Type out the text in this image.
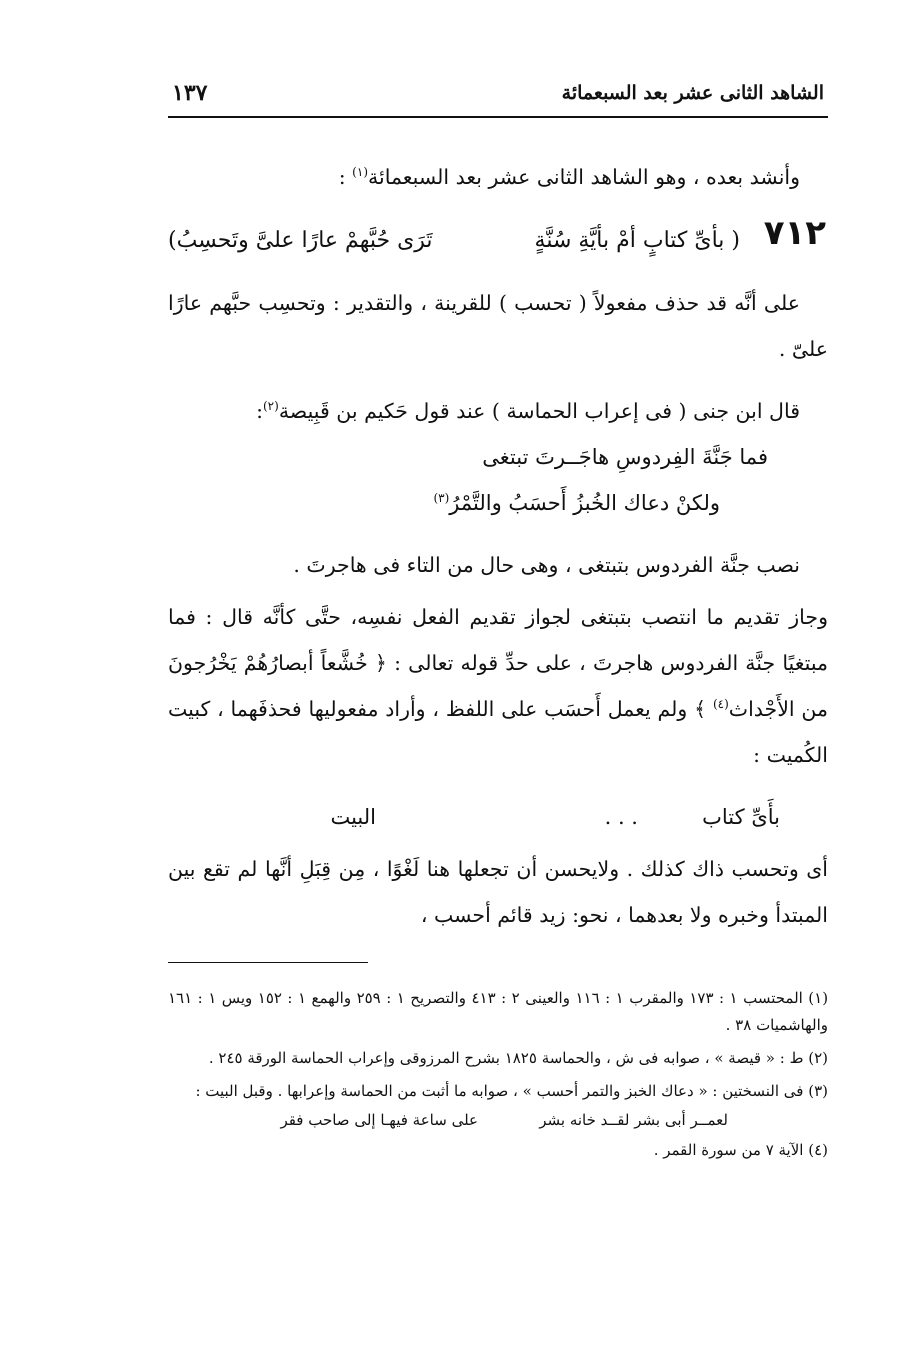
الشاهد الثانى عشر بعد السبعمائة
١٣٧

وأنشد بعده ، وهو الشاهد الثانى عشر بعد السبعمائة$^{(١)}$ :

٧١٢
( بأىِّ كتابٍ أمْ بأيَّةِ سُنَّةٍ
تَرَى حُبَّهمْ عارًا علىَّ وتَحسِبُ)

على أنَّه قد حذف مفعولاً ( تحسب ) للقرينة ، والتقدير : وتحسِب حبَّهم عارًا علىّ .

قال ابن جنى ( فى إعراب الحماسة ) عند قول حَكيم بن قَبِيصة$^{(٢)}$:

فما جَنَّةَ الفِردوسِ هاجَــرتَ تبتغى
ولكنْ دعاك الخُبزُ أَحسَبُ والتَّمْرُ$^{(٣)}$

نصب جنَّة الفردوس بتبتغى ، وهى حال من التاء فى هاجرتَ .

وجاز تقديم ما انتصب بتبتغى لجواز تقديم الفعل نفسِه، حتَّى كأنَّه قال : فما مبتغيًا جنَّة الفردوس هاجرتَ ، على حدِّ قوله تعالى : ﴿ خُشَّعاً أبصارُهُمْ يَخْرُجونَ من الأَجْداث$^{(٤)}$ ﴾ ولم يعمل أَحسَب على اللفظ ، وأراد مفعوليها فحذفَهما ، كبيت الكُميت :

بأَىِّ كتاب
. . .
البيت

أى وتحسب ذاك كذلك . ولايحسن أن تجعلها هنا لَغْوًا ، مِن قِبَلِ أنَّها لم تقع بين المبتدأ وخبره ولا بعدهما ، نحو: زيد قائم أحسب ،

(١) المحتسب ١ : ١٧٣ والمقرب ١ : ١١٦ والعينى ٢ : ٤١٣ والتصريح ١ : ٢٥٩ والهمع ١ : ١٥٢ ويس ١ : ١٦١ والهاشميات ٣٨ .
(٢) ط : « قيصة » ، صوابه فى ش ، والحماسة ١٨٢٥ بشرح المرزوقى وإعراب الحماسة الورقة ٢٤٥ .
(٣) فى النسختين : « دعاك الخبز والتمر أحسب » ، صوابه ما أثبت من الحماسة وإعرابها . وقبل البيت :
لعمــر أبى بشر لقــد خانه بشر
على ساعة فيهـا إلى صاحب فقر
(٤) الآية ٧ من سورة القمر .
